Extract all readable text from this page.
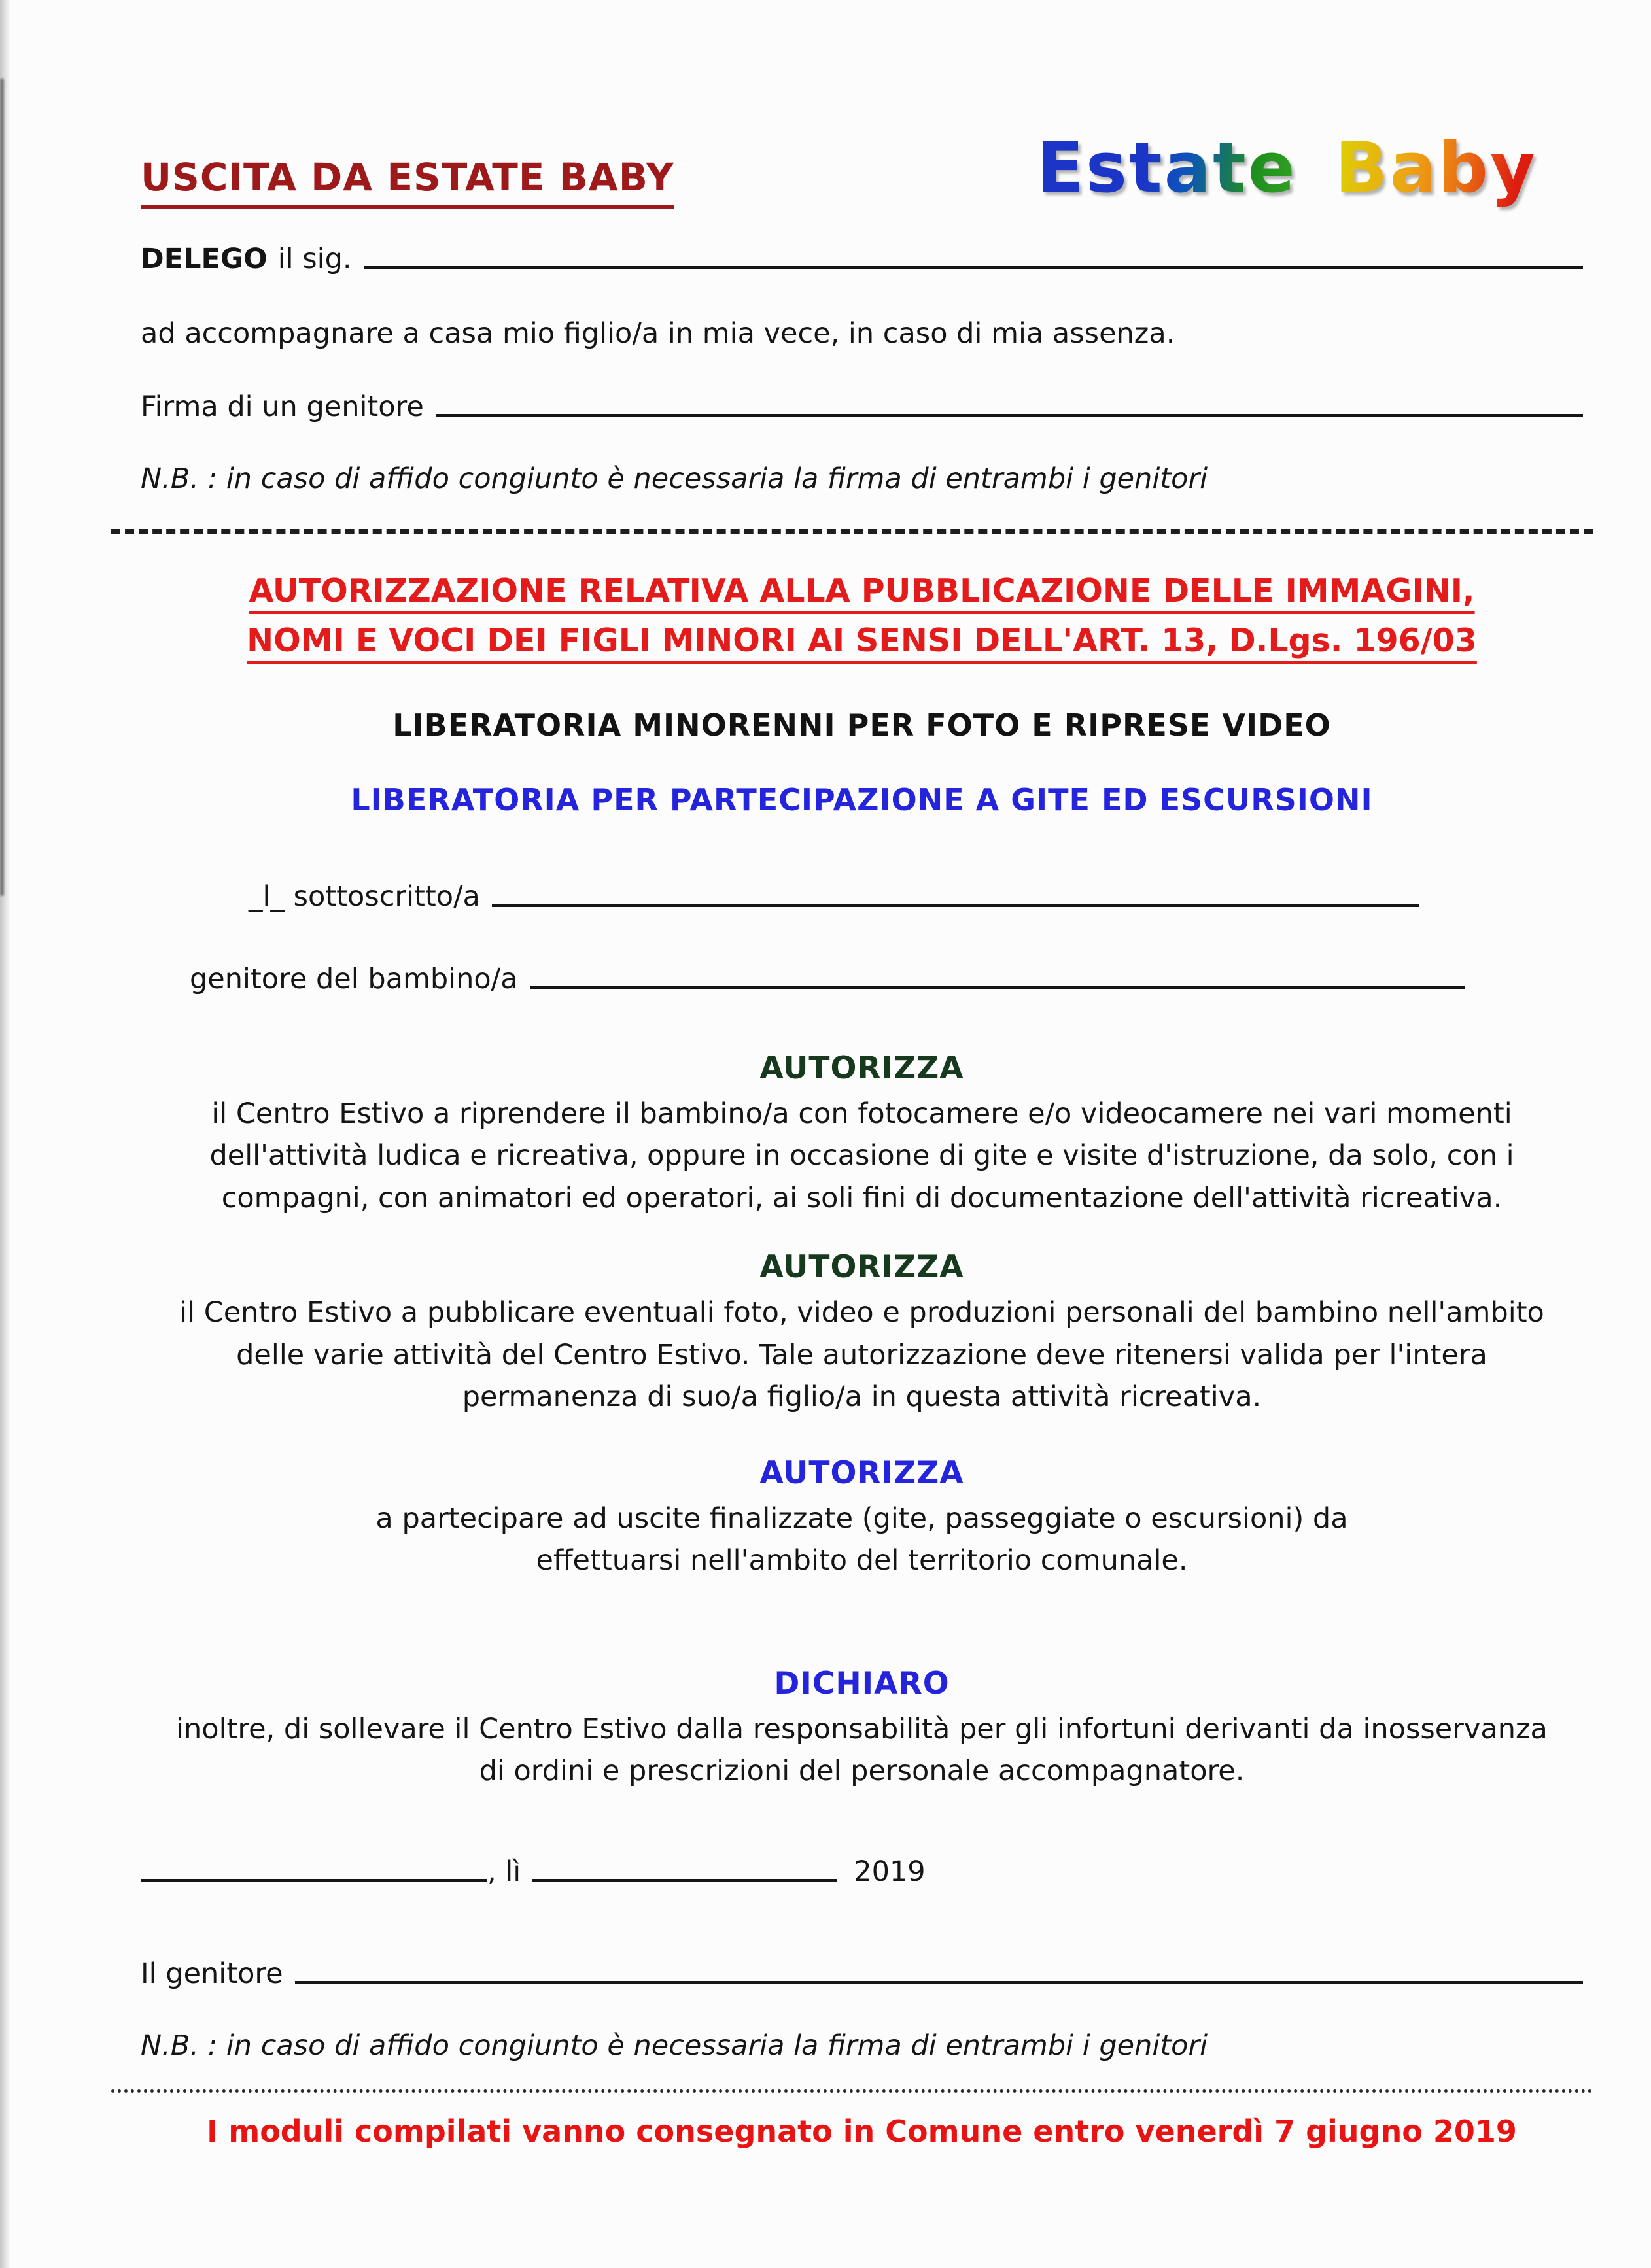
USCITA DA ESTATE BABY	Estate Baby
DELEGO il sig.

ad accompagnare a casa mio figlio/a in mia vece, in caso di mia assenza.

Firma di un genitore

N.B. : in caso di affido congiunto è necessaria la firma di entrambi i genitori

AUTORIZZAZIONE RELATIVA ALLA PUBBLICAZIONE DELLE IMMAGINI,
NOMI E VOCI DEI FIGLI MINORI AI SENSI DELL'ART. 13, D.Lgs. 196/03
LIBERATORIA MINORENNI PER FOTO E RIPRESE VIDEO
LIBERATORIA PER PARTECIPAZIONE A GITE ED ESCURSIONI
_l_ sottoscritto/a
genitore del bambino/a
AUTORIZZA

il Centro Estivo a riprendere il bambino/a con fotocamere e/o videocamere nei vari momenti dell'attività ludica e ricreativa, oppure in occasione di gite e visite d'istruzione, da solo, con i compagni, con animatori ed operatori, ai soli fini di documentazione dell'attività ricreativa.

AUTORIZZA

il Centro Estivo a pubblicare eventuali foto, video e produzioni personali del bambino nell'ambito delle varie attività del Centro Estivo. Tale autorizzazione deve ritenersi valida per l'intera permanenza di suo/a figlio/a in questa attività ricreativa.

AUTORIZZA

a partecipare ad uscite finalizzate (gite, passeggiate o escursioni) da effettuarsi nell'ambito del territorio comunale.

DICHIARO

inoltre, di sollevare il Centro Estivo dalla responsabilità per gli infortuni derivanti da inosservanza di ordini e prescrizioni del personale accompagnatore.

, lì	2019
Il genitore

N.B. : in caso di affido congiunto è necessaria la firma di entrambi i genitori

I moduli compilati vanno consegnato in Comune entro venerdì 7 giugno 2019
